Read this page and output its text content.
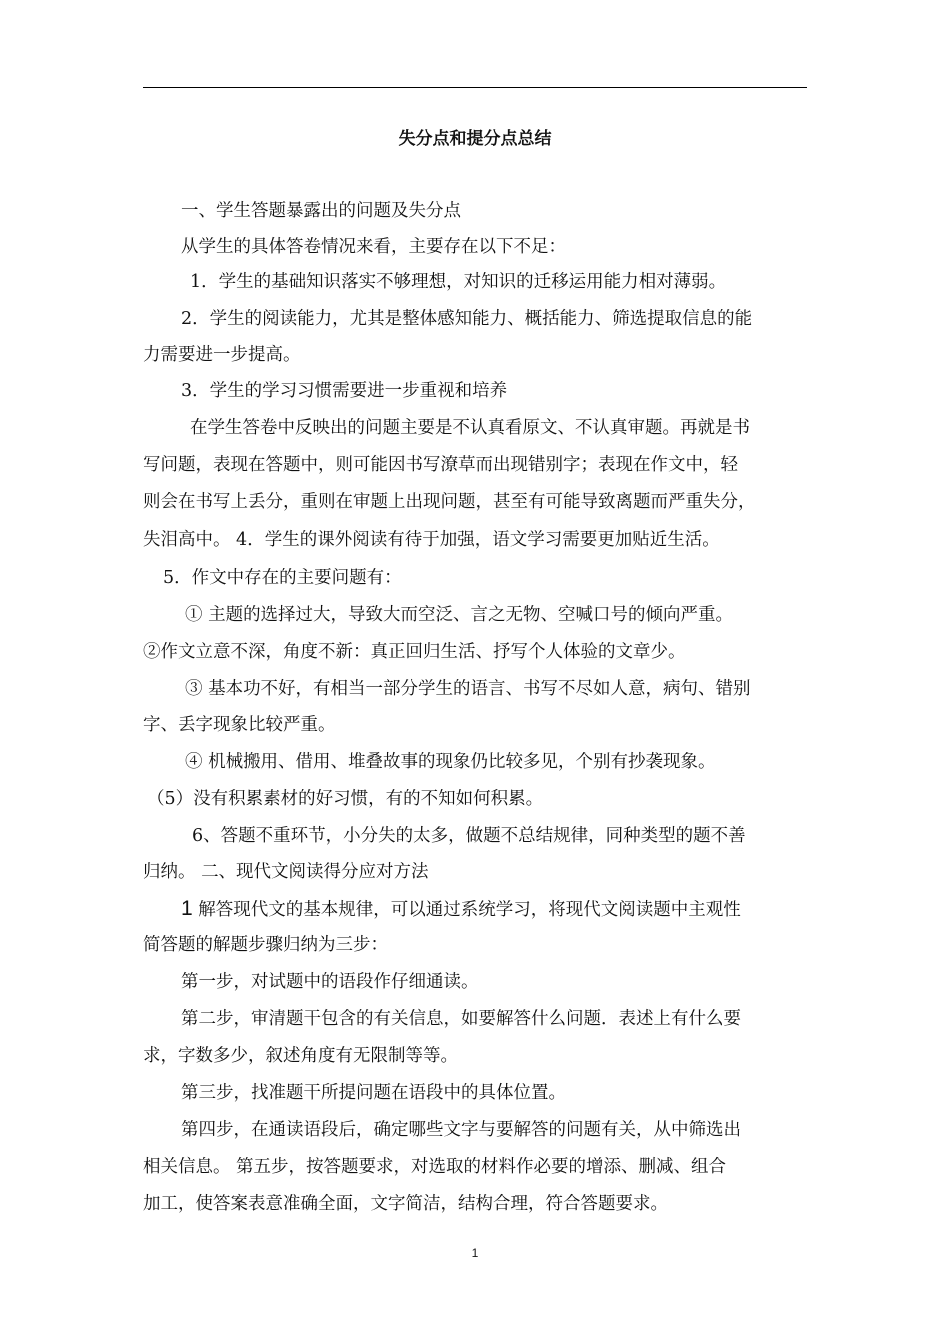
失分点和提分点总结
一、学生答题暴露出的问题及失分点
从学生的具体答卷情况来看，主要存在以下不足：
1．学生的基础知识落实不够理想，对知识的迁移运用能力相对薄弱。
2．学生的阅读能力，尤其是整体感知能力、概括能力、筛选提取信息的能
力需要进一步提高。
3．学生的学习习惯需要进一步重视和培养
在学生答卷中反映出的问题主要是不认真看原文、不认真审题。再就是书
写问题，表现在答题中，则可能因书写潦草而出现错别字；表现在作文中，轻
则会在书写上丢分，重则在审题上出现问题，甚至有可能导致离题而严重失分，
失泪高中。 4．学生的课外阅读有待于加强，语文学习需要更加贴近生活。
5．作文中存在的主要问题有：
① 主题的选择过大，导致大而空泛、言之无物、空喊口号的倾向严重。
②作文立意不深，角度不新：真正回归生活、抒写个人体验的文章少。
③ 基本功不好，有相当一部分学生的语言、书写不尽如人意，病句、错别
字、丢字现象比较严重。
④ 机械搬用、借用、堆叠故事的现象仍比较多见，个别有抄袭现象。
（5）没有积累素材的好习惯，有的不知如何积累。
6、答题不重环节，小分失的太多，做题不总结规律，同种类型的题不善
归纳。 二、现代文阅读得分应对方法
1 解答现代文的基本规律，可以通过系统学习，将现代文阅读题中主观性
简答题的解题步骤归纳为三步：
第一步，对试题中的语段作仔细通读。
第二步，审清题干包含的有关信息，如要解答什么问题．表述上有什么要
求，字数多少，叙述角度有无限制等等。
第三步，找准题干所提问题在语段中的具体位置。
第四步，在通读语段后，确定哪些文字与要解答的问题有关，从中筛选出
相关信息。 第五步，按答题要求，对选取的材料作必要的增添、删减、组合
加工，使答案表意准确全面，文字简洁，结构合理，符合答题要求。
1
